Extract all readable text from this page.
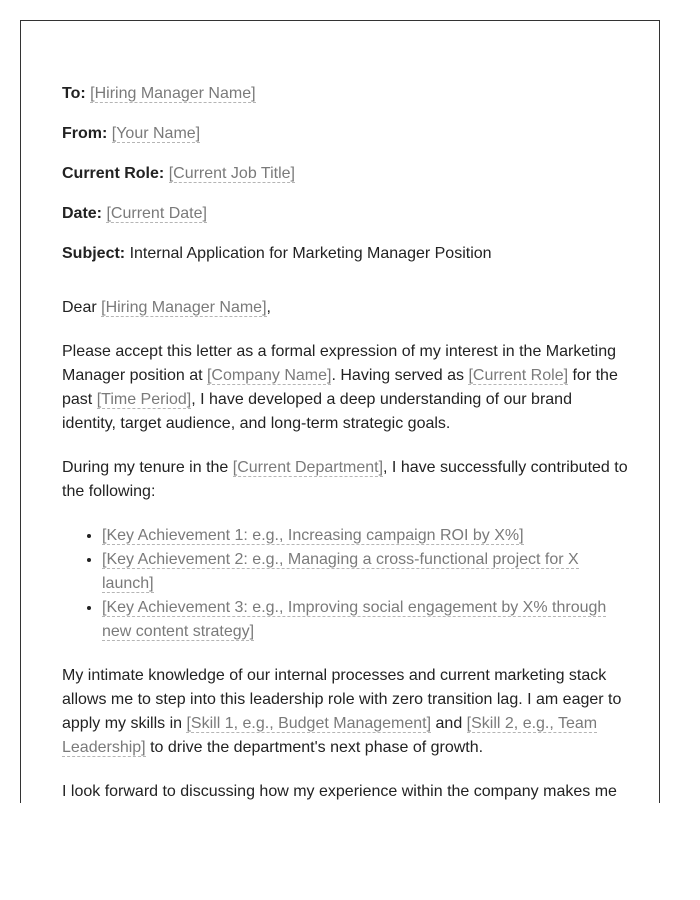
To: [Hiring Manager Name]
From: [Your Name]
Current Role: [Current Job Title]
Date: [Current Date]
Subject: Internal Application for Marketing Manager Position

Dear [Hiring Manager Name],

Please accept this letter as a formal expression of my interest in the Marketing Manager position at [Company Name]. Having served as [Current Role] for the past [Time Period], I have developed a deep understanding of our brand identity, target audience, and long-term strategic goals.

During my tenure in the [Current Department], I have successfully contributed to the following:

• [Key Achievement 1: e.g., Increasing campaign ROI by X%]
• [Key Achievement 2: e.g., Managing a cross-functional project for X launch]
• [Key Achievement 3: e.g., Improving social engagement by X% through new content strategy]

My intimate knowledge of our internal processes and current marketing stack allows me to step into this leadership role with zero transition lag. I am eager to apply my skills in [Skill 1, e.g., Budget Management] and [Skill 2, e.g., Team Leadership] to drive the department's next phase of growth.

I look forward to discussing how my experience within the company makes me
